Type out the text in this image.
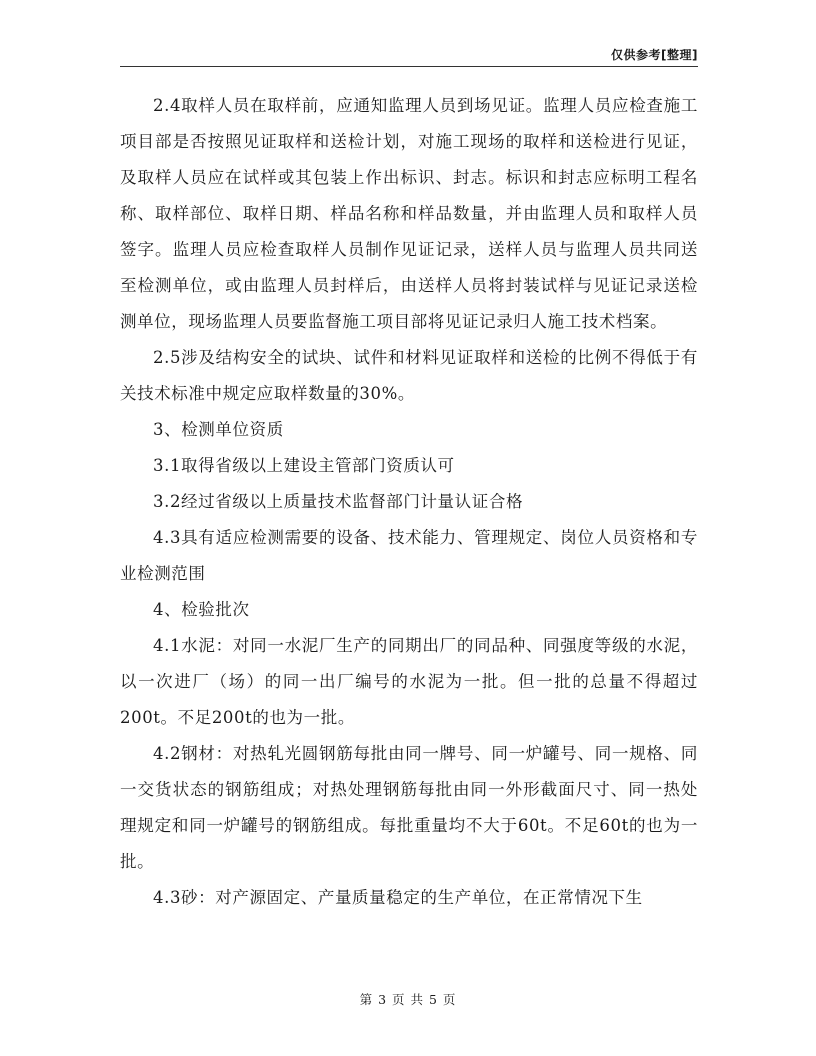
仅供参考[整理]

2.4取样人员在取样前，应通知监理人员到场见证。监理人员应检查施工项目部是否按照见证取样和送检计划，对施工现场的取样和送检进行见证，及取样人员应在试样或其包装上作出标识、封志。标识和封志应标明工程名称、取样部位、取样日期、样品名称和样品数量，并由监理人员和取样人员签字。监理人员应检查取样人员制作见证记录，送样人员与监理人员共同送至检测单位，或由监理人员封样后，由送样人员将封装试样与见证记录送检测单位，现场监理人员要监督施工项目部将见证记录归人施工技术档案。

2.5涉及结构安全的试块、试件和材料见证取样和送检的比例不得低于有关技术标准中规定应取样数量的30%。

3、检测单位资质

3.1取得省级以上建设主管部门资质认可

3.2经过省级以上质量技术监督部门计量认证合格

4.3具有适应检测需要的设备、技术能力、管理规定、岗位人员资格和专业检测范围

4、检验批次

4.1水泥：对同一水泥厂生产的同期出厂的同品种、同强度等级的水泥，以一次进厂（场）的同一出厂编号的水泥为一批。但一批的总量不得超过200t。不足200t的也为一批。

4.2钢材：对热轧光圆钢筋每批由同一牌号、同一炉罐号、同一规格、同一交货状态的钢筋组成；对热处理钢筋每批由同一外形截面尺寸、同一热处理规定和同一炉罐号的钢筋组成。每批重量均不大于60t。不足60t的也为一批。

4.3砂：对产源固定、产量质量稳定的生产单位，在正常情况下生

第 3 页 共 5 页
